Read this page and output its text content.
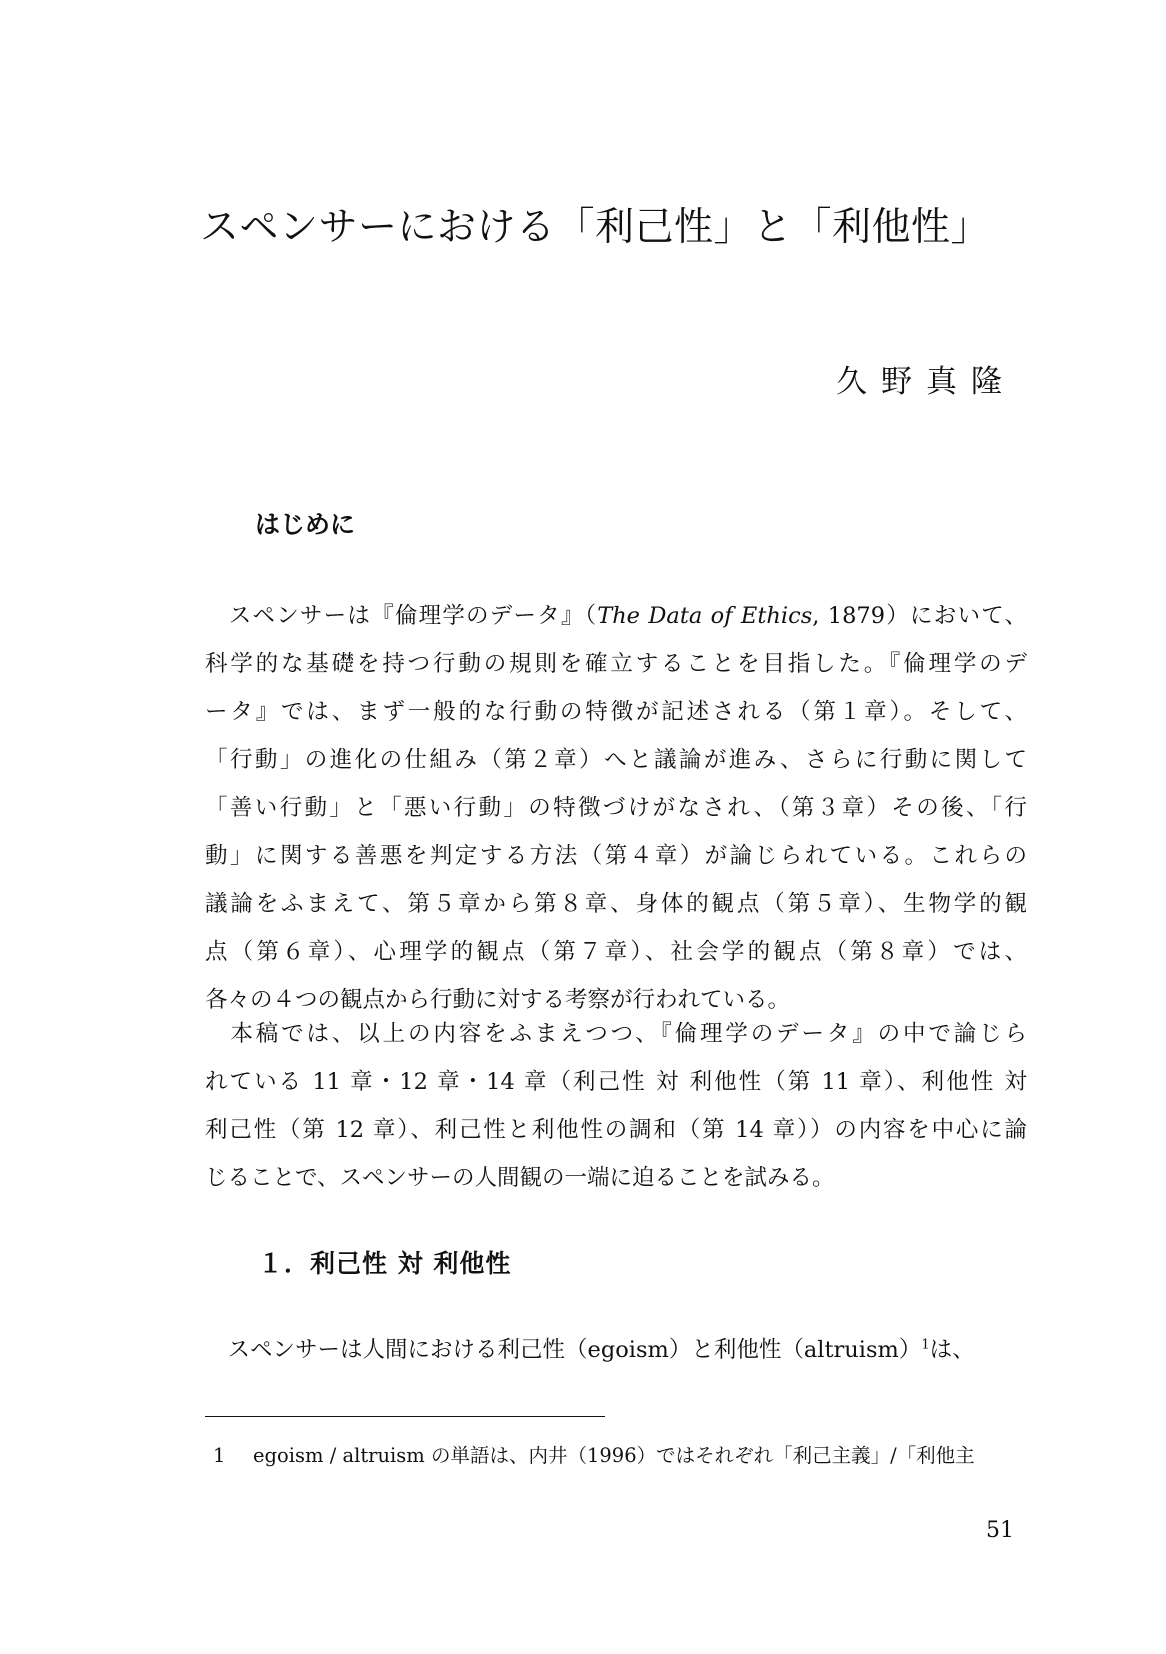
スペンサーにおける「利己性」と「利他性」

久野真隆

はじめに
　スペンサーは『倫理学のデータ』（The Data of Ethics, 1879）において、
科学的な基礎を持つ行動の規則を確立することを目指した。『倫理学のデ
ータ』では、まず一般的な行動の特徴が記述される（第１章）。そして、
「行動」の進化の仕組み（第２章）へと議論が進み、さらに行動に関して
「善い行動」と「悪い行動」の特徴づけがなされ、（第３章）その後、「行
動」に関する善悪を判定する方法（第４章）が論じられている。これらの
議論をふまえて、第５章から第８章、身体的観点（第５章）、生物学的観
点（第６章）、心理学的観点（第７章）、社会学的観点（第８章）では、
各々の４つの観点から行動に対する考察が行われている。
　本稿では、以上の内容をふまえつつ、『倫理学のデータ』の中で論じら
れている 11 章・12 章・14 章（利己性 対 利他性（第 11 章）、利他性 対
利己性（第 12 章）、利己性と利他性の調和（第 14 章））の内容を中心に論
じることで、スペンサーの人間観の一端に迫ることを試みる。
１．利己性 対 利他性
　スペンサーは人間における利己性（egoism）と利他性（altruism）$^1$は、

1 egoism / altruism の単語は、内井（1996）ではそれぞれ「利己主義」/「利他主

51
